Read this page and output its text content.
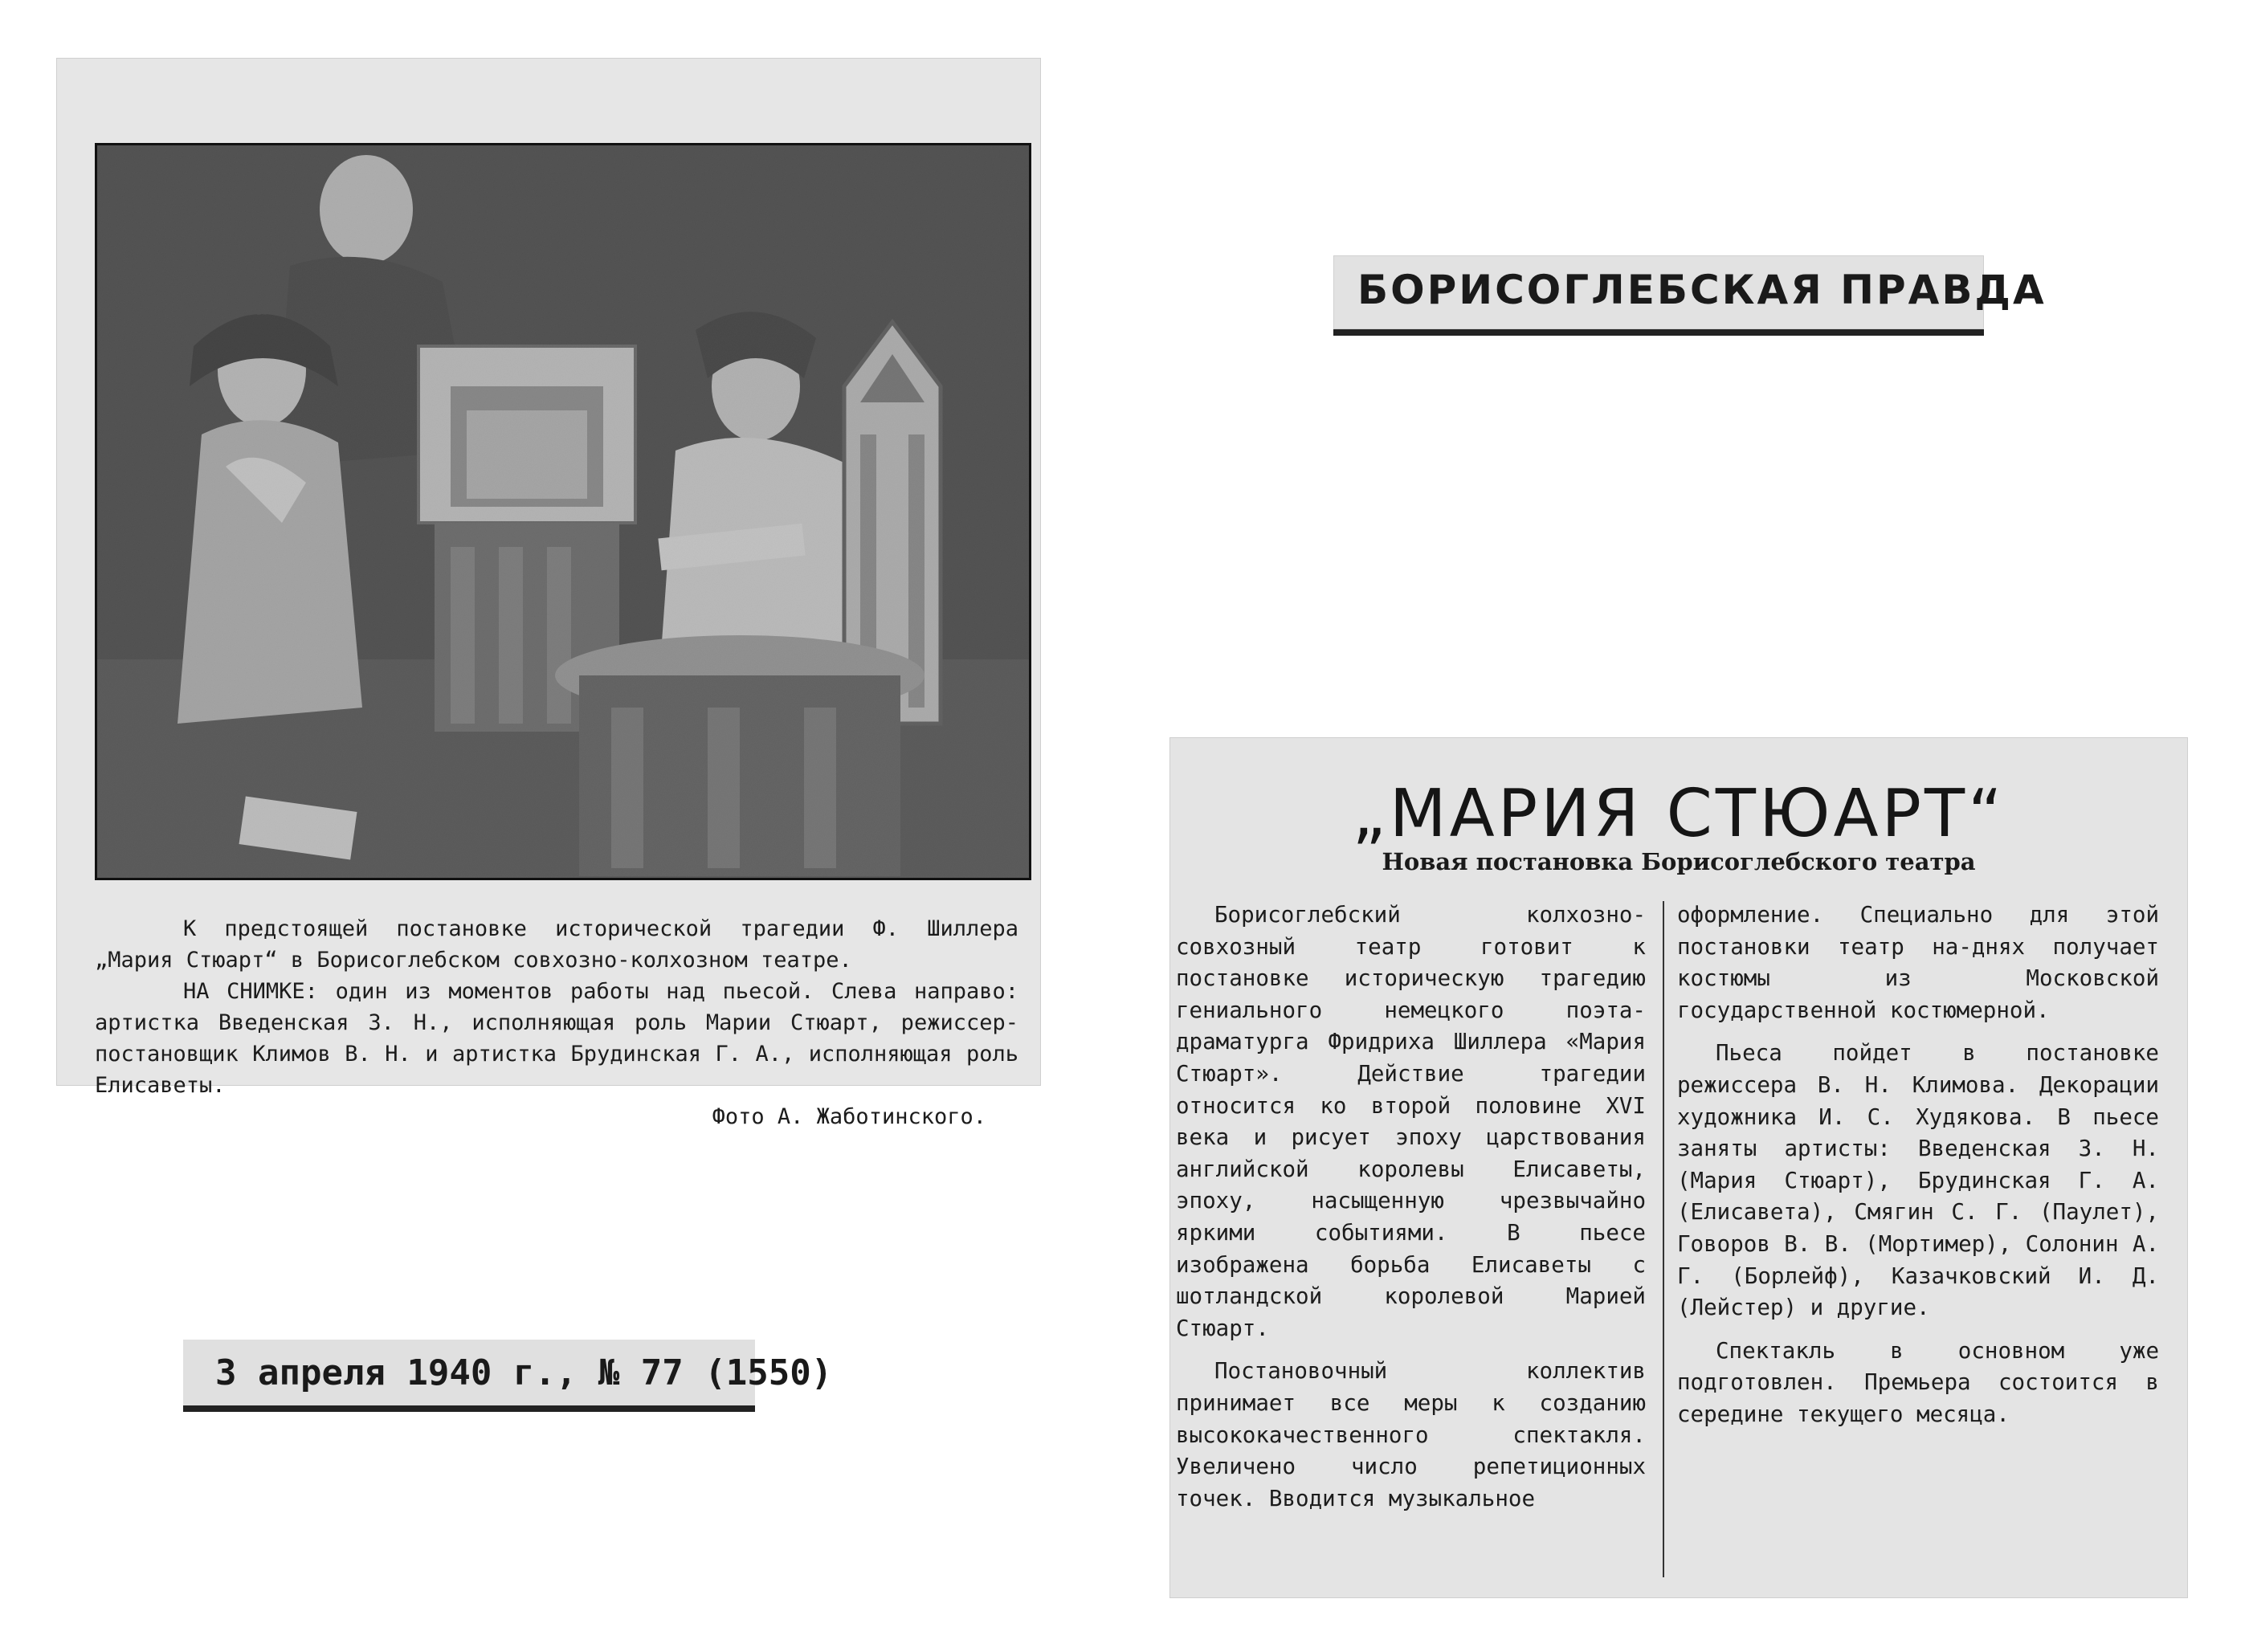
К предстоящей постановке исторической трагедии Ф. Шиллера „Мария Стюарт“ в Борисоглебском совхозно-колхозном театре.

НА СНИМКЕ: один из моментов работы над пьесой. Слева направо: артистка Введенская З. Н., исполняющая роль Марии Стюарт, режиссер-постановщик Климов В. Н. и артистка Брудинская Г. А., исполняющая роль Елисаветы.

Фото А. Жаботинского.

БОРИСОГЛЕБСКАЯ ПРАВДА
3 апреля 1940 г., № 77 (1550)
„МАРИЯ СТЮАРТ“
Новая постановка Борисоглебского театра

Борисоглебский колхозно-совхозный театр готовит к постановке историческую трагедию гениального немецкого поэта-драматурга Фридриха Шиллера «Мария Стюарт». Действие трагедии относится ко второй половине XVI века и рисует эпоху царствования английской королевы Елисаветы, эпоху, насыщенную чрезвычайно яркими событиями. В пьесе изображена борьба Елисаветы с шотландской королевой Марией Стюарт.

Постановочный коллектив принимает все меры к созданию высококачественного спектакля. Увеличено число репетиционных точек. Вводится музыкальное

оформление. Специально для этой постановки театр на-днях получает костюмы из Московской государственной костюмерной.

Пьеса пойдет в постановке режиссера В. Н. Климова. Декорации художника И. С. Худякова. В пьесе заняты артисты: Введенская З. Н. (Мария Стюарт), Брудинская Г. А. (Елисавета), Смягин С. Г. (Паулет), Говоров В. В. (Мортимер), Солонин А. Г. (Борлейф), Казачковский И. Д. (Лейстер) и другие.

Спектакль в основном уже подготовлен. Премьера состоится в середине текущего месяца.
